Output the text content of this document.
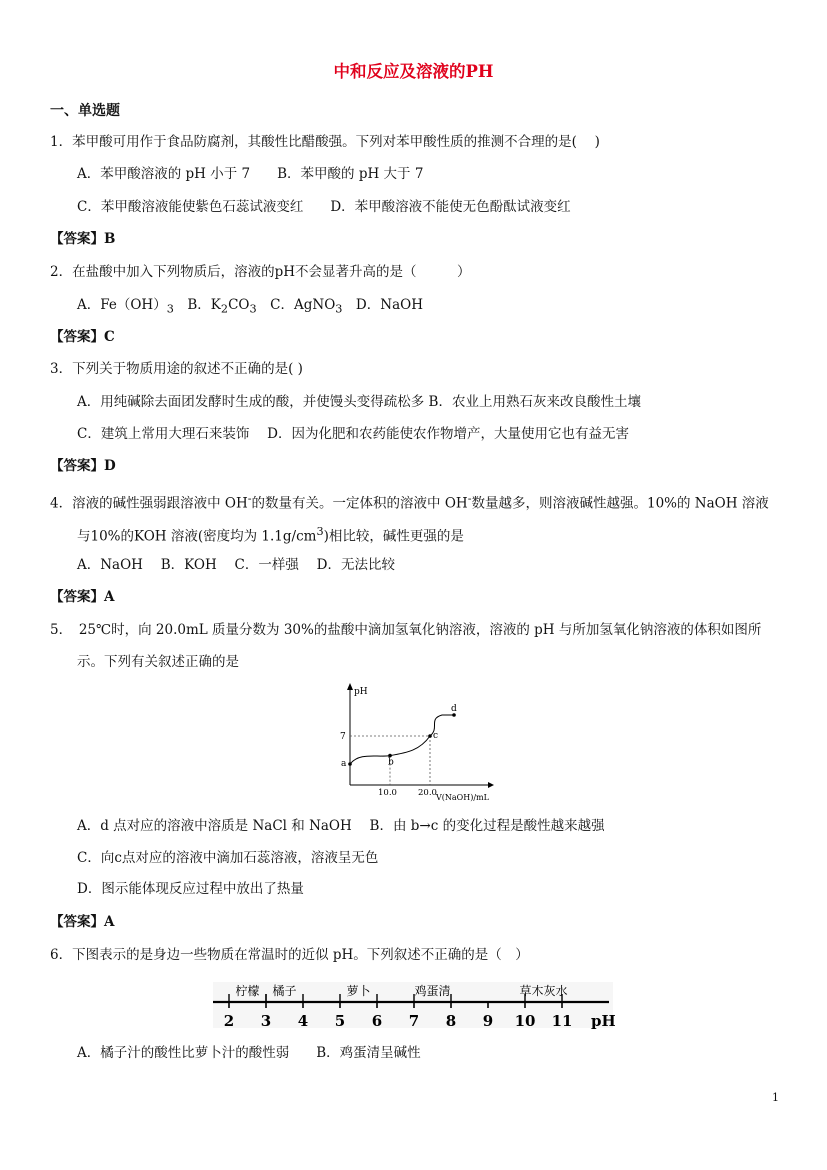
中和反应及溶液的PH
一、单选题
1．苯甲酸可用作于食品防腐剂，其酸性比醋酸强。下列对苯甲酸性质的推测不合理的是(　 )
A．苯甲酸溶液的 pH 小于 7　　B．苯甲酸的 pH 大于 7
C．苯甲酸溶液能使紫色石蕊试液变红　　D．苯甲酸溶液不能使无色酚酞试液变红
【答案】B
2．在盐酸中加入下列物质后，溶液的pH不会显著升高的是（　　　）
A．$Fe(OH)_3$　B．$K_2CO_3$　C．AgNO$_3$　D．NaOH
【答案】C
3．下列关于物质用途的叙述不正确的是( )
A．用纯碱除去面团发酵时生成的酸，并使馒头变得疏松多 B．农业上用熟石灰来改良酸性土壤
C．建筑上常用大理石来装饰　 D．因为化肥和农药能使农作物增产，大量使用它也有益无害
【答案】D
4．溶液的碱性强弱跟溶液中 OH-的数量有关。一定体积的溶液中 OH-数量越多，则溶液碱性越强。10%的 NaOH 溶液
与10%的KOH 溶液(密度均为 $1.1g/cm^3$)相比较，碱性更强的是
A．NaOH　 B．KOH　 C．一样强　 D．无法比较
【答案】A
5．　25℃时，向 20.0mL 质量分数为 30%的盐酸中滴加氢氧化钠溶液，溶液的 pH 与所加氢氧化钠溶液的体积如图所
示。下列有关叙述正确的是
pH
V(NaOH)/mL
a	b
c
d
7
10.0 20.0
A．d 点对应的溶液中溶质是 NaCl 和 NaOH　 B．由 b→c 的变化过程是酸性越来越强
C．向c点对应的溶液中滴加石蕊溶液，溶液呈无色
D．图示能体现反应过程中放出了热量
【答案】A
6．下图表示的是身边一些物质在常温时的近似 pH。下列叙述不正确的是（　）
2 3 4 5 6 7 8 9 10 11
柠檬 橘子	萝卜	鸡蛋清	草木灰水
pH
A．橘子汁的酸性比萝卜汁的酸性弱　　B．鸡蛋清呈碱性
1
